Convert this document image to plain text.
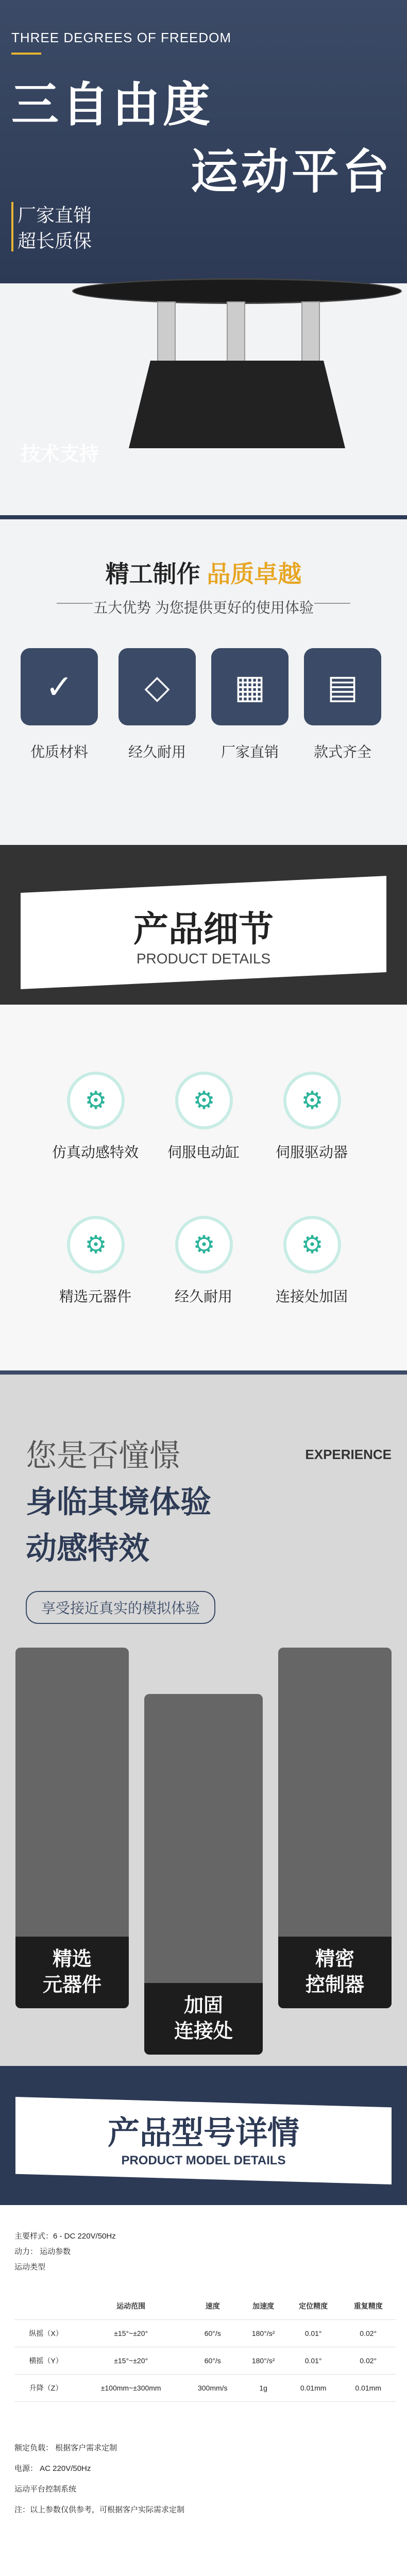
THREE DEGREES OF FREEDOM
三自由度
运动平台
厂家直销
超长质保
技术支持
精工制作 品质卓越
五大优势 为您提供更好的使用体验
✓	◇	▦	▤
优质材料	经久耐用	厂家直销	款式齐全
产品细节
PRODUCT DETAILS
⚙	⚙	⚙
仿真动感特效	伺服电动缸	伺服驱动器
⚙	⚙	⚙
精选元器件	经久耐用	连接处加固
您是否憧憬
身临其境体验
动感特效
享受接近真实的模拟体验
EXPERIENCE
精选
元器件
加固
连接处
精密
控制器
产品型号详情
PRODUCT MODEL DETAILS
主要样式：6 - DC 220V/50Hz
动力： 运动参数
运动类型
	运动范围	速度	加速度	定位精度	重复精度
纵摇（X）	±15°~±20°	60°/s	180°/s²	0.01°	0.02°
横摇（Y）	±15°~±20°	60°/s	180°/s²	0.01°	0.02°
升降（Z）	±100mm~±300mm	300mm/s	1g	0.01mm	0.01mm
额定负载： 根据客户需求定制
电源： AC 220V/50Hz
运动平台控制系统
注：以上参数仅供参考，可根据客户实际需求定制
